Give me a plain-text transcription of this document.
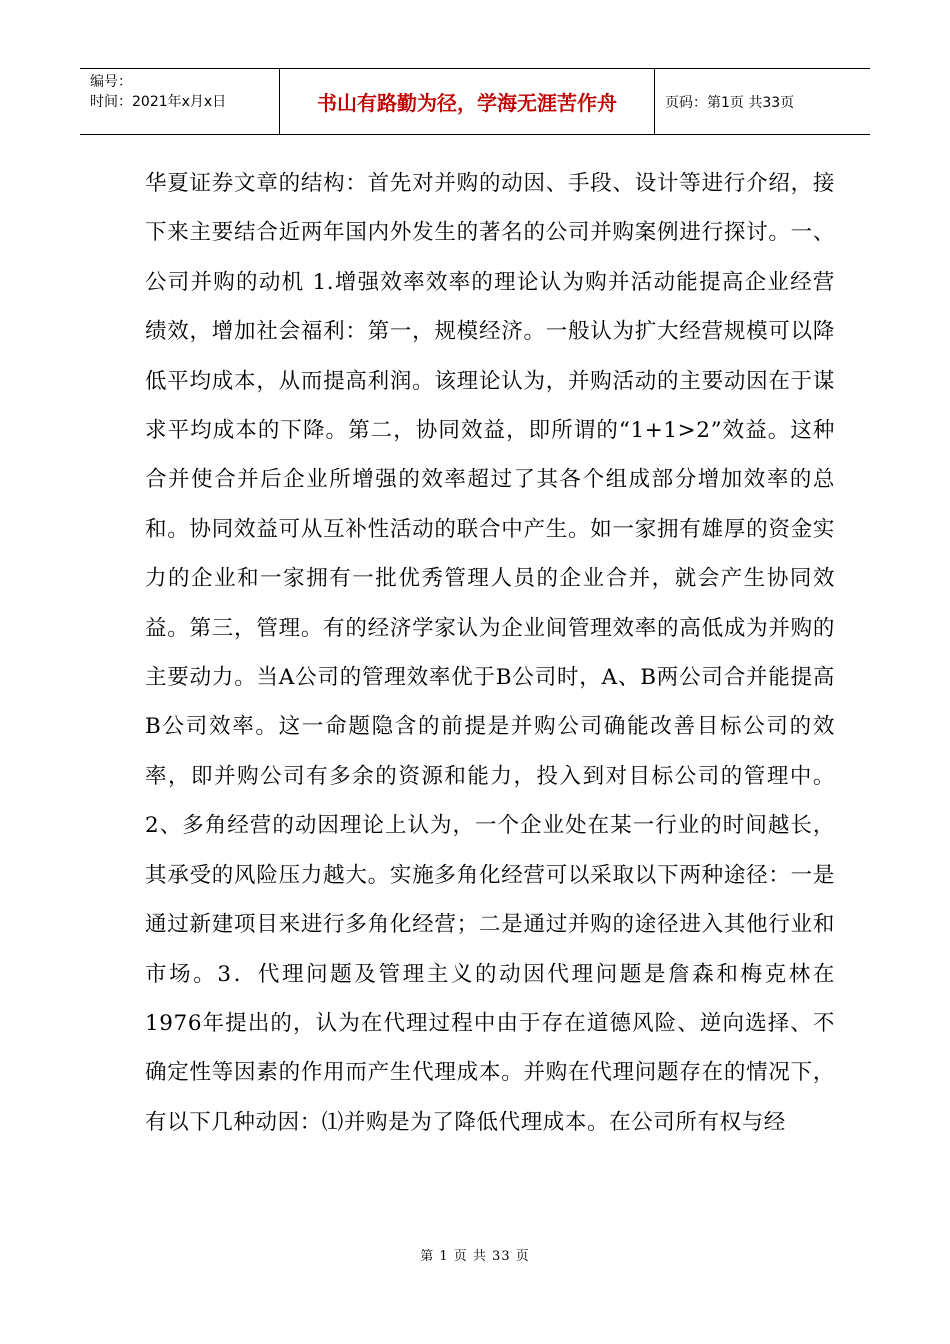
编号：
时间：2021年x月x日	书山有路勤为径，学海无涯苦作舟	页码：第1页 共33页

华夏证券文章的结构：首先对并购的动因、手段、设计等进行介绍，接下来主要结合近两年国内外发生的著名的公司并购案例进行探讨。一、公司并购的动机 1.增强效率效率的理论认为购并活动能提高企业经营绩效，增加社会福利：第一，规模经济。一般认为扩大经营规模可以降低平均成本，从而提高利润。该理论认为，并购活动的主要动因在于谋求平均成本的下降。第二，协同效益，即所谓的“1+1>2”效益。这种合并使合并后企业所增强的效率超过了其各个组成部分增加效率的总和。协同效益可从互补性活动的联合中产生。如一家拥有雄厚的资金实力的企业和一家拥有一批优秀管理人员的企业合并，就会产生协同效益。第三，管理。有的经济学家认为企业间管理效率的高低成为并购的主要动力。当A公司的管理效率优于B公司时，A、B两公司合并能提高B公司效率。这一命题隐含的前提是并购公司确能改善目标公司的效率，即并购公司有多余的资源和能力，投入到对目标公司的管理中。 2、多角经营的动因理论上认为，一个企业处在某一行业的时间越长，其承受的风险压力越大。实施多角化经营可以采取以下两种途径：一是通过新建项目来进行多角化经营；二是通过并购的途径进入其他行业和市场。3．代理问题及管理主义的动因代理问题是詹森和梅克林在1976年提出的，认为在代理过程中由于存在道德风险、逆向选择、不确定性等因素的作用而产生代理成本。并购在代理问题存在的情况下，有以下几种动因：⑴并购是为了降低代理成本。在公司所有权与经

第 1 页 共 33 页
